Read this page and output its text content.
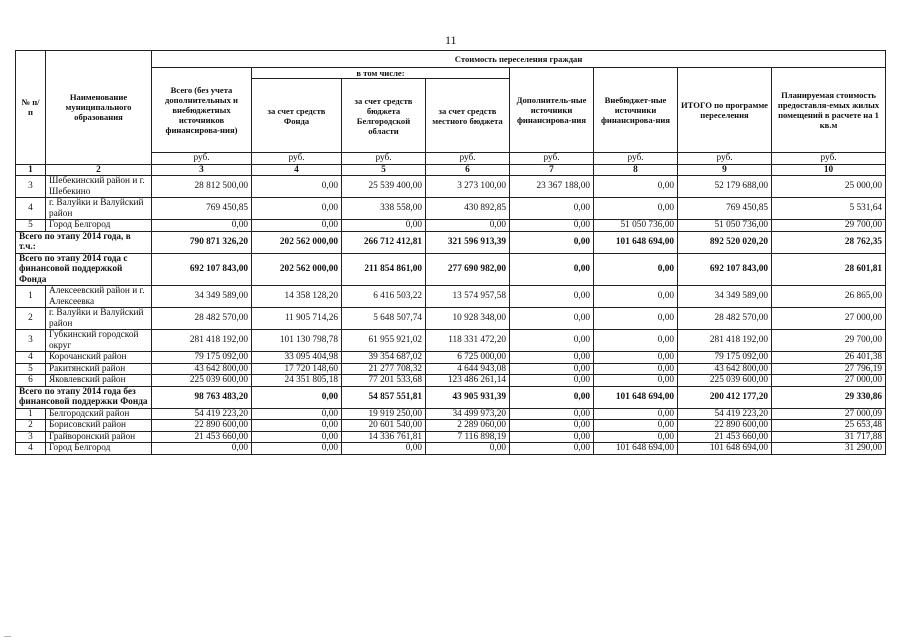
11
№ п/п	Наименование муниципального образования	Стоимость переселения граждан							
		Всего (без учета дополнительных и внебюджетных источников финансирова-ния)	в том числе:			Дополнитель-ные источники финансирова-ния	Внебюджет-ные источники финансирова-ния	ИТОГО по программе переселения	Планируемая стоимость предоставля-емых жилых помещений в расчете на 1 кв.м
			за счет средств Фонда	за счет средств бюджета Белгородской области	за счет средств местного бюджета				
		руб.	руб.	руб.	руб.	руб.	руб.	руб.	руб.
1	2	3	4	5	6	7	8	9	10
3	Шебекинский район и г. Шебекино	28 812 500,00	0,00	25 539 400,00	3 273 100,00	23 367 188,00	0,00	52 179 688,00	25 000,00
4	г. Валуйки и Валуйский район	769 450,85	0,00	338 558,00	430 892,85	0,00	0,00	769 450,85	5 531,64
5	Город Белгород	0,00	0,00	0,00	0,00	0,00	51 050 736,00	51 050 736,00	29 700,00
Всего по этапу 2014 года, в т.ч.:		790 871 326,20	202 562 000,00	266 712 412,81	321 596 913,39	0,00	101 648 694,00	892 520 020,20	28 762,35
Всего по этапу 2014 года с финансовой поддержкой Фонда		692 107 843,00	202 562 000,00	211 854 861,00	277 690 982,00	0,00	0,00	692 107 843,00	28 601,81
1	Алексеевский район и г. Алексеевка	34 349 589,00	14 358 128,20	6 416 503,22	13 574 957,58	0,00	0,00	34 349 589,00	26 865,00
2	г. Валуйки и Валуйский район	28 482 570,00	11 905 714,26	5 648 507,74	10 928 348,00	0,00	0,00	28 482 570,00	27 000,00
3	Губкинский городской округ	281 418 192,00	101 130 798,78	61 955 921,02	118 331 472,20	0,00	0,00	281 418 192,00	29 700,00
4	Корочанский район	79 175 092,00	33 095 404,98	39 354 687,02	6 725 000,00	0,00	0,00	79 175 092,00	26 401,38
5	Ракитянский район	43 642 800,00	17 720 148,60	21 277 708,32	4 644 943,08	0,00	0,00	43 642 800,00	27 796,19
6	Яковлевский район	225 039 600,00	24 351 805,18	77 201 533,68	123 486 261,14	0,00	0,00	225 039 600,00	27 000,00
Всего по этапу 2014 года без финансовой поддержки Фонда		98 763 483,20	0,00	54 857 551,81	43 905 931,39	0,00	101 648 694,00	200 412 177,20	29 330,86
1	Белгородский район	54 419 223,20	0,00	19 919 250,00	34 499 973,20	0,00	0,00	54 419 223,20	27 000,09
2	Борисовский район	22 890 600,00	0,00	20 601 540,00	2 289 060,00	0,00	0,00	22 890 600,00	25 653,48
3	Грайворонский район	21 453 660,00	0,00	14 336 761,81	7 116 898,19	0,00	0,00	21 453 660,00	31 717,88
4	Город Белгород	0,00	0,00	0,00	0,00	0,00	101 648 694,00	101 648 694,00	31 290,00
—
